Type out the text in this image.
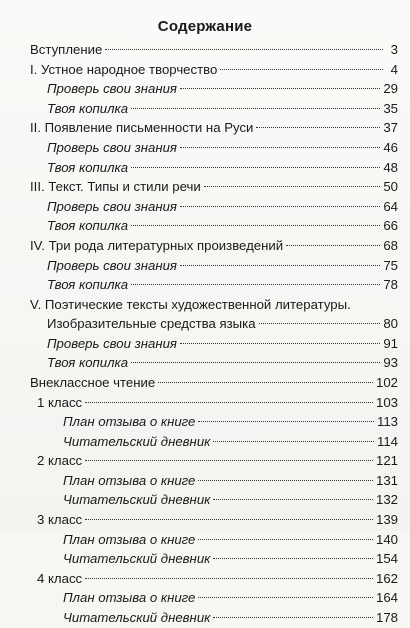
Содержание
Вступление	3
I. Устное народное творчество	4
Проверь свои знания	29
Твоя копилка	35
II. Появление письменности на Руси	37
Проверь свои знания	46
Твоя копилка	48
III. Текст. Типы и стили речи	50
Проверь свои знания	64
Твоя копилка	66
IV. Три рода литературных произведений	68
Проверь свои знания	75
Твоя копилка	78
V. Поэтические тексты художественной литературы.
Изобразительные средства языка	80
Проверь свои знания	91
Твоя копилка	93
Внеклассное чтение	102
1 класс	103
План отзыва о книге	113
Читательский дневник	114
2 класс	121
План отзыва о книге	131
Читательский дневник	132
3 класс	139
План отзыва о книге	140
Читательский дневник	154
4 класс	162
План отзыва о книге	164
Читательский дневник	178
